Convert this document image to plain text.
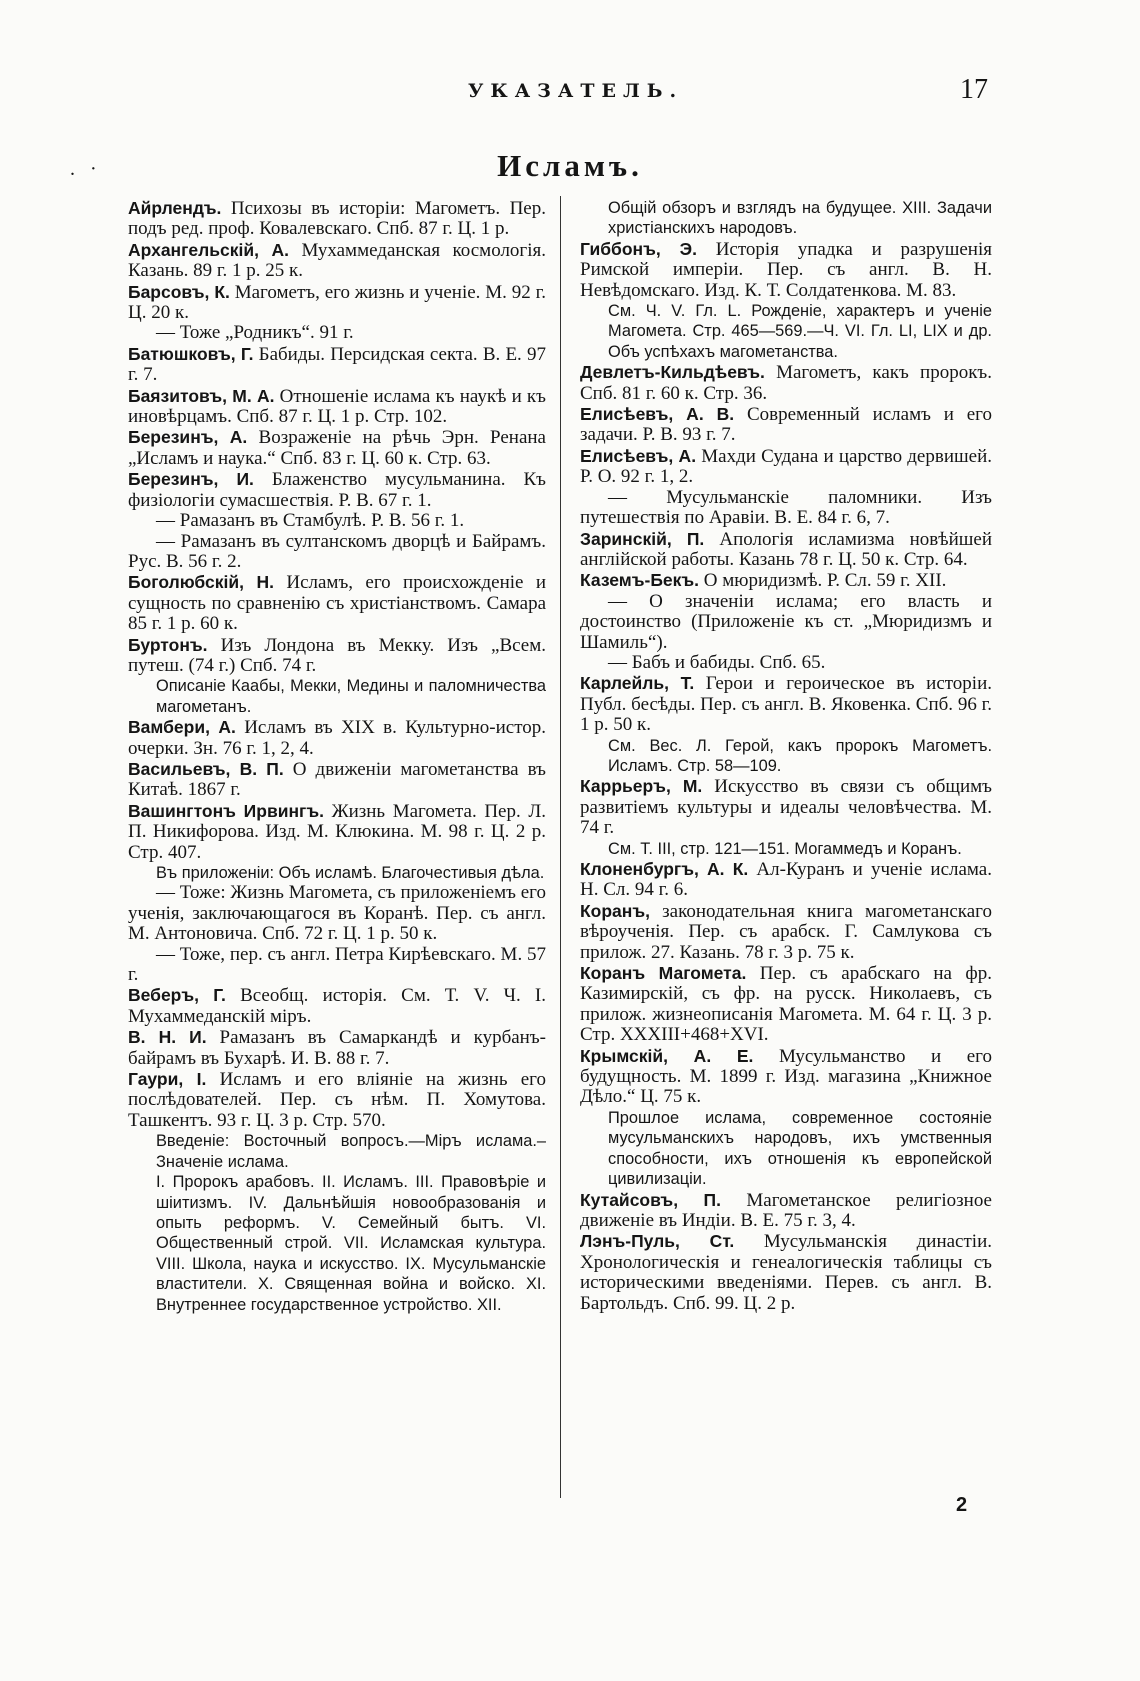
УКАЗАТЕЛЬ.	17
. ·	Исламъ.

Айрлендъ. Психозы въ исторіи: Магометъ. Пер. подъ ред. проф. Ковалевскаго. Спб. 87 г. Ц. 1 р.

Архангельскій, А. Мухаммеданская космологія. Казань. 89 г. 1 р. 25 к.

Барсовъ, К. Магометъ, его жизнь и ученіе. М. 92 г. Ц. 20 к.

— Тоже „Родникъ“. 91 г.

Батюшковъ, Г. Бабиды. Персидская секта. В. Е. 97 г. 7.

Баязитовъ, М. А. Отношеніе ислама къ наукѣ и къ иновѣрцамъ. Спб. 87 г. Ц. 1 р. Стр. 102.

Березинъ, А. Возраженіе на рѣчь Эрн. Ренана „Исламъ и наука.“ Спб. 83 г. Ц. 60 к. Стр. 63.

Березинъ, И. Блаженство мусульманина. Къ физіологіи сумасшествія. Р. В. 67 г. 1.

— Рамазанъ въ Стамбулѣ. Р. В. 56 г. 1.

— Рамазанъ въ султанскомъ дворцѣ и Байрамъ. Рус. В. 56 г. 2.

Боголюбскій, Н. Исламъ, его происхожденіе и сущность по сравненію съ христіанствомъ. Самара 85 г. 1 р. 60 к.

Буртонъ. Изъ Лондона въ Мекку. Изъ „Всем. путеш. (74 г.) Спб. 74 г.

Описаніе Каабы, Мекки, Медины и паломничества магометанъ.

Вамбери, А. Исламъ въ XIX в. Культурно-истор. очерки. Зн. 76 г. 1, 2, 4.

Васильевъ, В. П. О движеніи магометанства въ Китаѣ. 1867 г.

Вашингтонъ Ирвингъ. Жизнь Магомета. Пер. Л. П. Никифорова. Изд. М. Клюкина. М. 98 г. Ц. 2 р. Стр. 407.

Въ приложеніи: Объ исламѣ. Благочестивыя дѣла.

— Тоже: Жизнь Магомета, съ приложеніемъ его ученія, заключающагося въ Коранѣ. Пер. съ англ. М. Антоновича. Спб. 72 г. Ц. 1 р. 50 к.

— Тоже, пер. съ англ. Петра Кирѣевскаго. М. 57 г.

Веберъ, Г. Всеобщ. исторія. См. Т. V. Ч. I. Мухаммеданскій міръ.

В. Н. И. Рамазанъ въ Самаркандѣ и курбанъ-байрамъ въ Бухарѣ. И. В. 88 г. 7.

Гаури, І. Исламъ и его вліяніе на жизнь его послѣдователей. Пер. съ нѣм. П. Хомутова. Ташкентъ. 93 г. Ц. 3 р. Стр. 570.

Введеніе: Восточный вопросъ.—Міръ ислама.– Значеніе ислама.

I. Пророкъ арабовъ. II. Исламъ. III. Правовѣріе и шіитизмъ. IV. Дальнѣйшія новообразованія и опыть реформъ. V. Семейный бытъ. VI. Общественный строй. VII. Исламская культура. VIII. Школа, наука и искусство. IX. Мусульманскіе властители. X. Священная война и войско. XI. Внутреннее государственное устройство. XII.

Общій обзоръ и взглядъ на будущее. XIII. Задачи христіанскихъ народовъ.

Гиббонъ, Э. Исторія упадка и разрушенія Римской имперіи. Пер. съ англ. В. Н. Невѣдомскаго. Изд. К. Т. Солдатенкова. М. 83.

См. Ч. V. Гл. L. Рожденіе, характеръ и ученіе Магомета. Стр. 465—569.—Ч. VI. Гл. LI, LIX и др. Объ успѣхахъ магометанства.

Девлетъ-Кильдѣевъ. Магометъ, какъ пророкъ. Спб. 81 г. 60 к. Стр. 36.

Елисѣевъ, А. В. Современный исламъ и его задачи. Р. В. 93 г. 7.

Елисѣевъ, А. Махди Судана и царство дервишей. Р. О. 92 г. 1, 2.

— Мусульманскіе паломники. Изъ путешествія по Аравіи. В. Е. 84 г. 6, 7.

Заринскій, П. Апологія исламизма новѣйшей англійской работы. Казань 78 г. Ц. 50 к. Стр. 64.

Каземъ-Бекъ. О мюридизмѣ. Р. Сл. 59 г. XII.

— О значеніи ислама; его власть и достоинство (Приложеніе къ ст. „Мюридизмъ и Шамиль“).

— Бабъ и бабиды. Спб. 65.

Карлейль, Т. Герои и героическое въ исторіи. Публ. бесѣды. Пер. съ англ. В. Яковенка. Спб. 96 г. 1 р. 50 к.

См. Вес. Л. Герой, какъ пророкъ Магометъ. Исламъ. Стр. 58—109.

Каррьеръ, М. Искусство въ связи съ общимъ развитіемъ культуры и идеалы человѣчества. М. 74 г.

См. Т. III, стр. 121—151. Могаммедъ и Коранъ.

Клоненбургъ, А. К. Ал-Куранъ и ученіе ислама. Н. Сл. 94 г. 6.

Коранъ, законодательная книга магометанскаго вѣроученія. Пер. съ арабск. Г. Самлукова съ прилож. 27. Казань. 78 г. 3 р. 75 к.

Коранъ Магомета. Пер. съ арабскаго на фр. Казимирскій, съ фр. на русск. Николаевъ, съ прилож. жизнеописанія Магомета. М. 64 г. Ц. 3 р. Стр. XXXIII+468+XVI.

Крымскій, А. Е. Мусульманство и его будущность. М. 1899 г. Изд. магазина „Книжное Дѣло.“ Ц. 75 к.

Прошлое ислама, современное состояніе мусульманскихъ народовъ, ихъ умственныя способности, ихъ отношенія къ европейской цивилизаціи.

Кутайсовъ, П. Магометанское религіозное движеніе въ Индіи. В. Е. 75 г. 3, 4.

Лэнъ-Пуль, Ст. Мусульманскія династіи. Хронологическія и генеалогическія таблицы съ историческими введеніями. Перев. съ англ. В. Бартольдъ. Спб. 99. Ц. 2 р.

2
